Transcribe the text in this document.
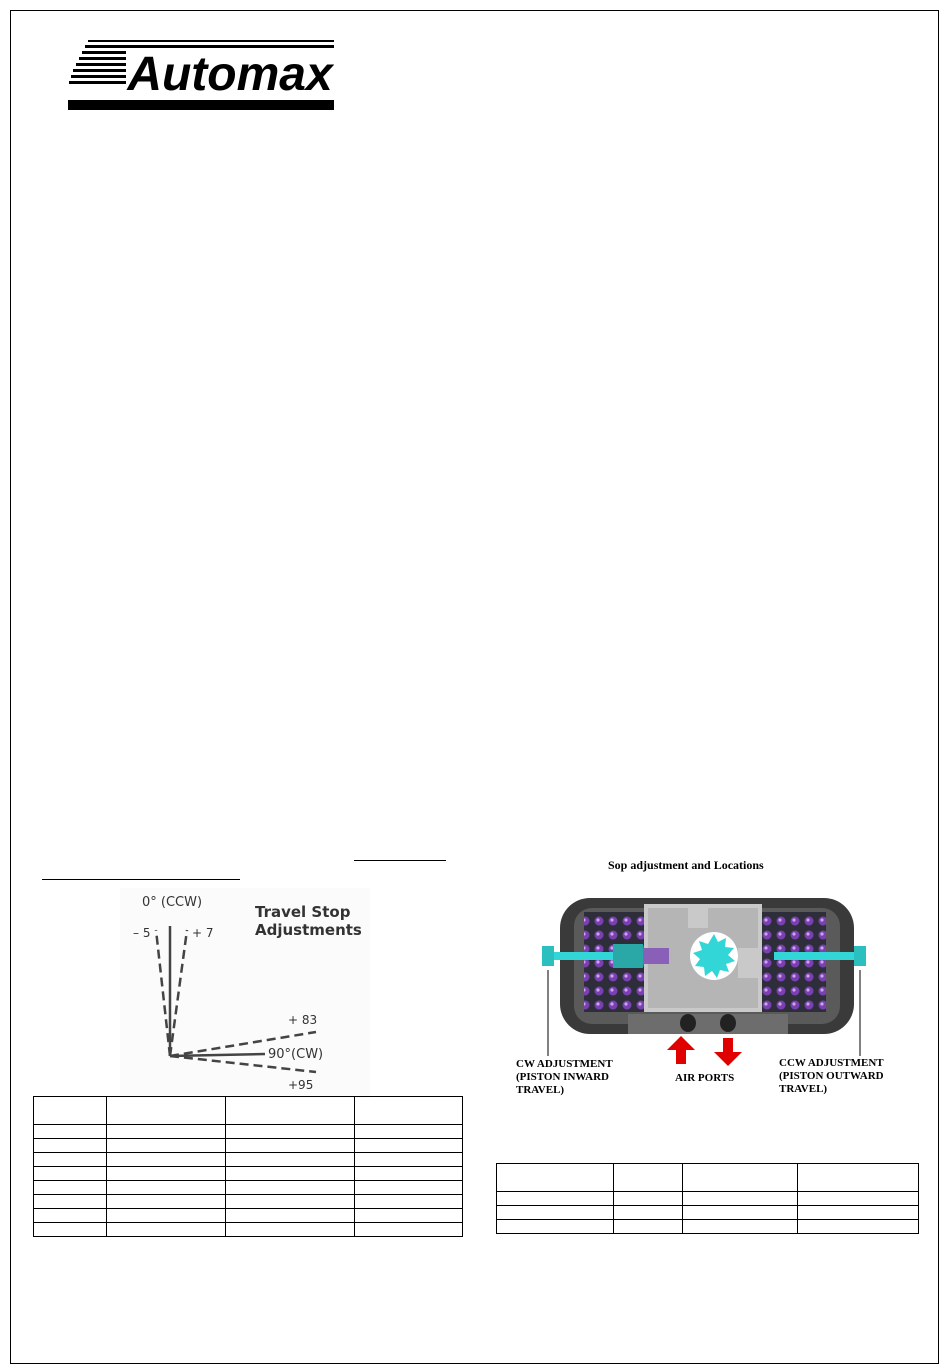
Automax
0° (CCW)
– 5	+ 7
Travel Stop
Adjustments
+ 83
90°(CW)
+95
Sop adjustment and Locations
CW ADJUSTMENT
(PISTON INWARD
TRAVEL)
AIR PORTS
CCW ADJUSTMENT
(PISTON OUTWARD
TRAVEL)
